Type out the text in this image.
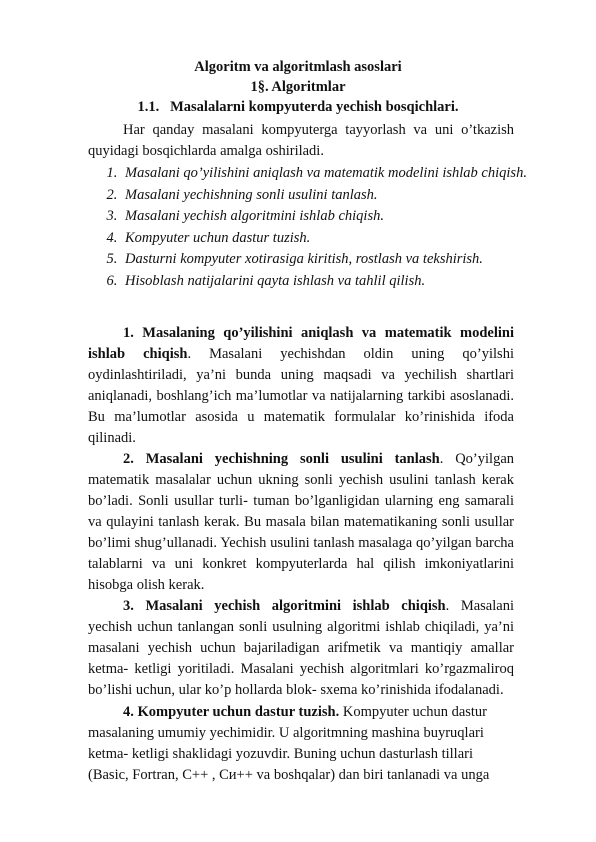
Algoritm va algoritmlash asoslari
1§. Algoritmlar
1.1.   Masalalarni kompyuterda yechish bosqichlari.

Har qanday masalani kompyuterga tayyorlash va uni o’tkazish quyidagi bosqichlarda amalga oshiriladi.

1. Masalani qo’yilishini aniqlash va matematik modelini ishlab chiqish.
2. Masalani yechishning sonli usulini tanlash.
3. Masalani yechish algoritmini ishlab chiqish.
4. Kompyuter uchun dastur tuzish.
5. Dasturni kompyuter xotirasiga kiritish, rostlash va tekshirish.
6. Hisoblash natijalarini qayta ishlash va tahlil qilish.

1. Masalaning qo’yilishini aniqlash va matematik modelini ishlab chiqish. Masalani yechishdan oldin uning qo’yilshi oydinlashtiriladi, ya’ni bunda uning maqsadi va yechilish shartlari aniqlanadi, boshlang’ich ma’lumotlar va natijalarning tarkibi asoslanadi. Bu ma’lumotlar asosida u matematik formulalar ko’rinishida ifoda qilinadi.

2. Masalani yechishning sonli usulini tanlash. Qo’yilgan matematik masalalar uchun ukning sonli yechish usulini tanlash kerak bo’ladi. Sonli usullar turli- tuman bo’lganligidan ularning eng samarali va qulayini tanlash kerak. Bu masala bilan matematikaning sonli usullar bo’limi shug’ullanadi. Yechish usulini tanlash masalaga qo’yilgan barcha talablarni va uni konkret kompyuterlarda hal qilish imkoniyatlarini hisobga olish kerak.

3. Masalani yechish algoritmini ishlab chiqish. Masalani yechish uchun tanlangan sonli usulning algoritmi ishlab chiqiladi, ya’ni masalani yechish uchun bajariladigan arifmetik va mantiqiy amallar ketma- ketligi yoritiladi. Masalani yechish algoritmlari ko’rgazmaliroq bo’lishi uchun, ular ko’p hollarda blok- sxema ko’rinishida ifodalanadi.

4. Kompyuter uchun dastur tuzish. Kompyuter uchun dastur
masalaning umumiy yechimidir. U algoritmning mashina buyruqlari
ketma- ketligi shaklidagi yozuvdir. Buning uchun dasturlash tillari
(Basic, Fortran, C++ , Си++ va boshqalar) dan biri tanlanadi va unga
